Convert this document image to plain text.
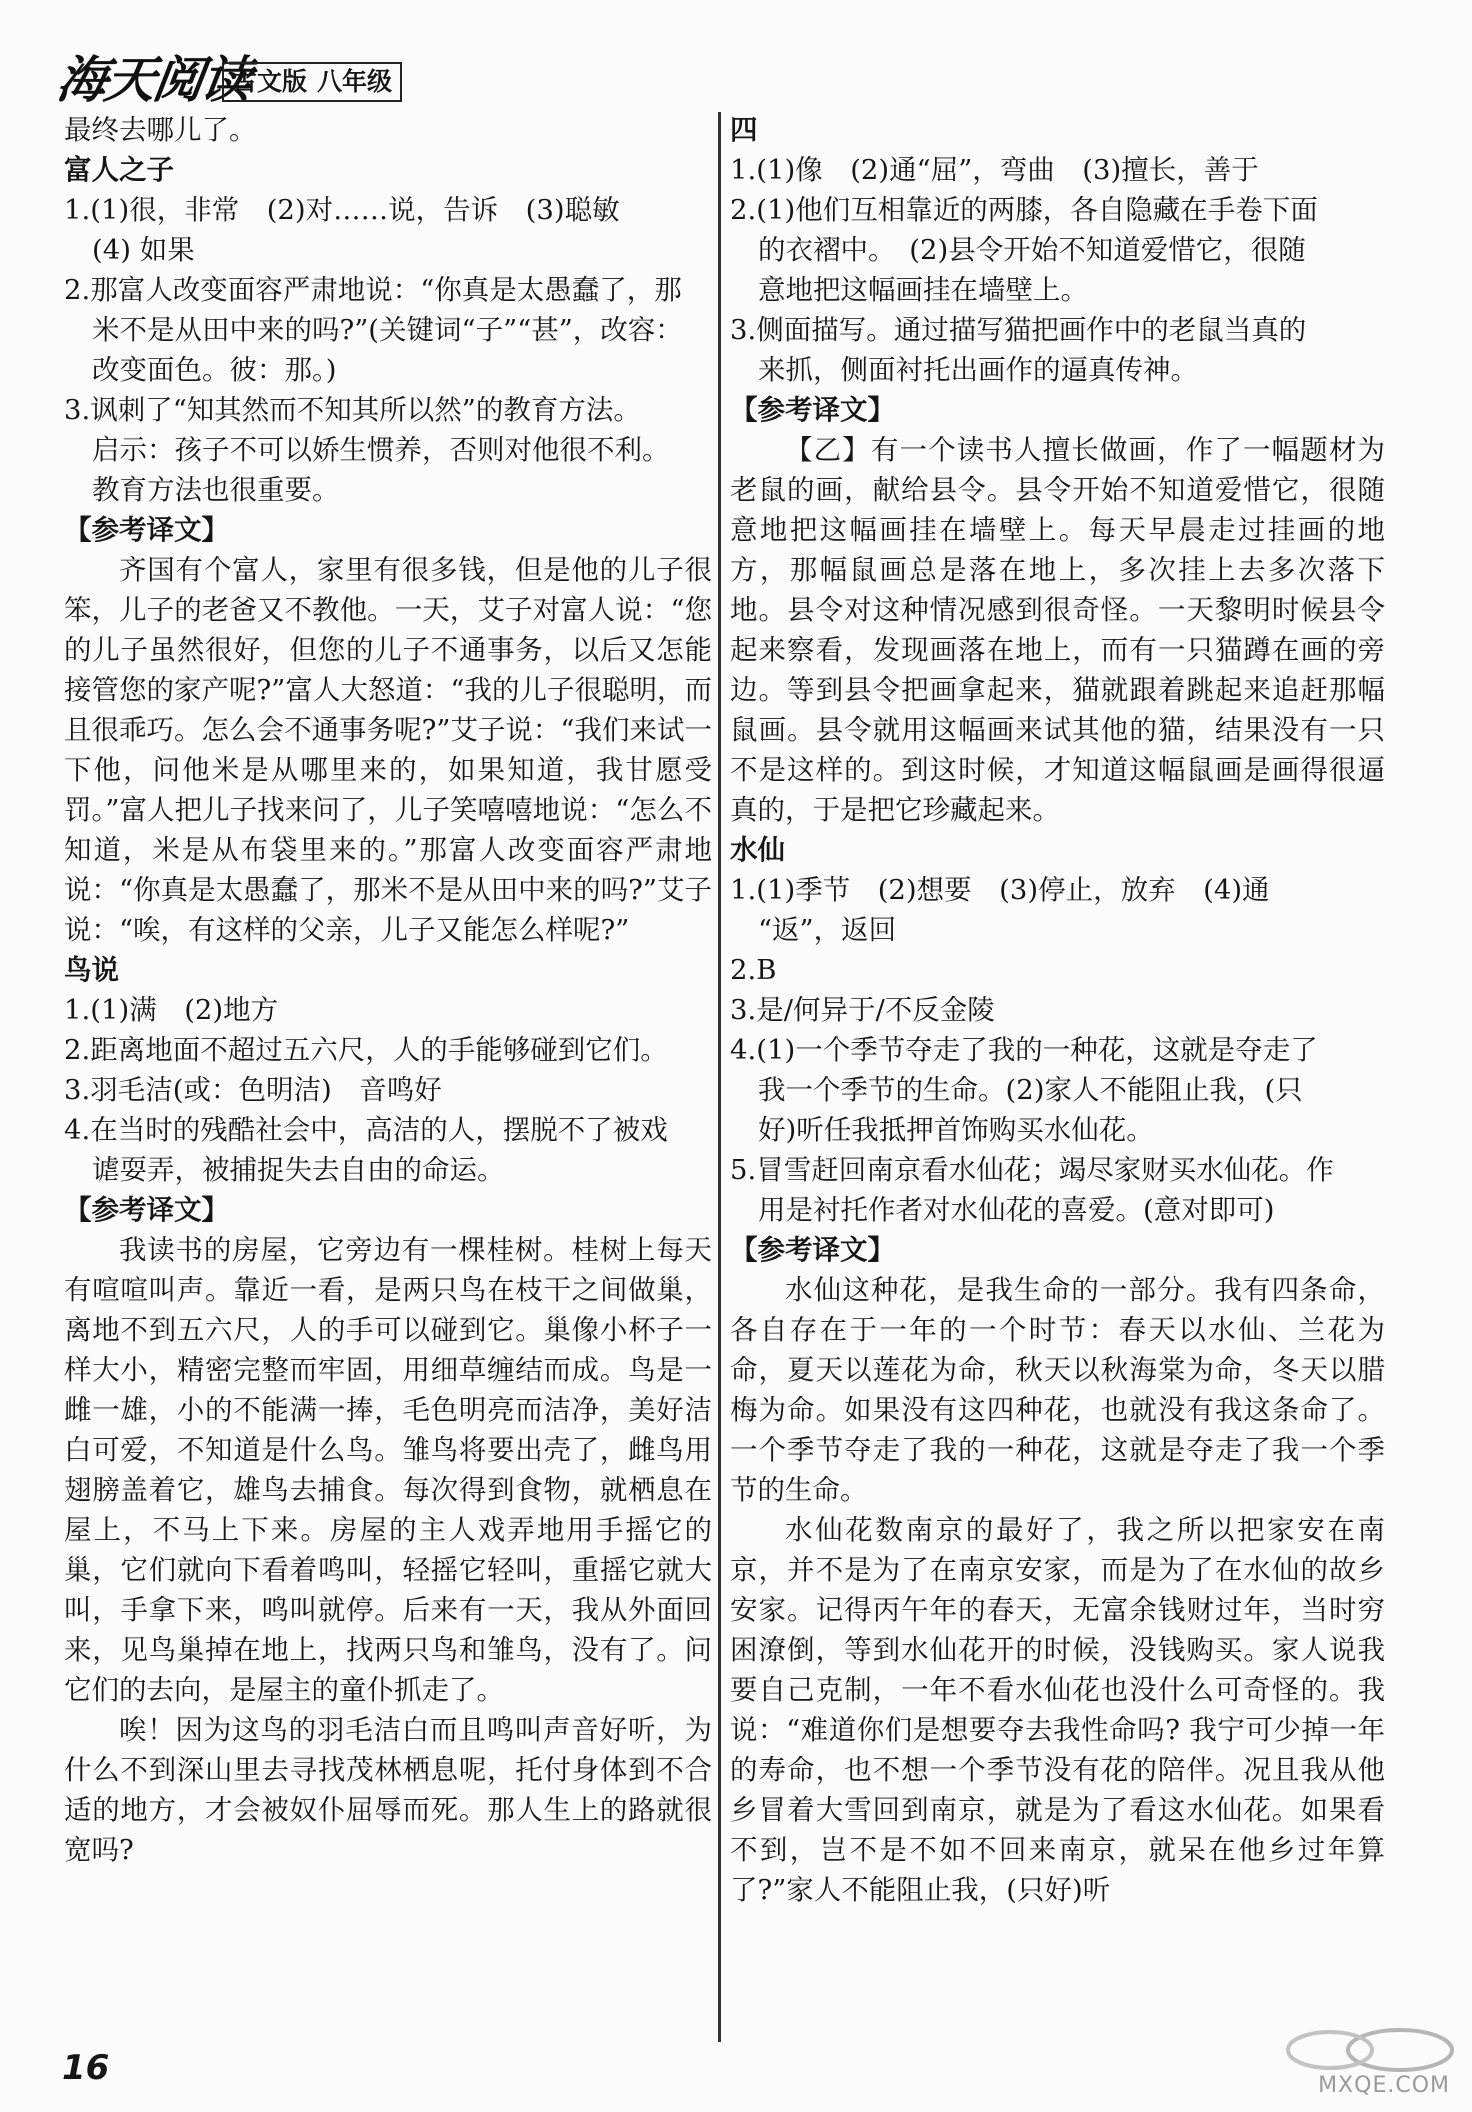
海天阅读
古文版 八年级

最终去哪儿了。

富人之子

1.(1)很，非常　(2)对……说，告诉　(3)聪敏

(4) 如果

2.那富人改变面容严肃地说：“你真是太愚蠢了，那

米不是从田中来的吗?”(关键词“子”“甚”，改容：

改变面色。彼：那。)

3.讽刺了“知其然而不知其所以然”的教育方法。

启示：孩子不可以娇生惯养，否则对他很不利。

教育方法也很重要。

【参考译文】

齐国有个富人，家里有很多钱，但是他的儿子很笨，儿子的老爸又不教他。一天，艾子对富人说：“您的儿子虽然很好，但您的儿子不通事务，以后又怎能接管您的家产呢?”富人大怒道：“我的儿子很聪明，而且很乖巧。怎么会不通事务呢?”艾子说：“我们来试一下他，问他米是从哪里来的，如果知道，我甘愿受罚。”富人把儿子找来问了，儿子笑嘻嘻地说：“怎么不知道，米是从布袋里来的。”那富人改变面容严肃地说：“你真是太愚蠢了，那米不是从田中来的吗?”艾子说：“唉，有这样的父亲，儿子又能怎么样呢?”

鸟说

1.(1)满　(2)地方

2.距离地面不超过五六尺，人的手能够碰到它们。

3.羽毛洁(或：色明洁)　音鸣好

4.在当时的残酷社会中，高洁的人，摆脱不了被戏

谑耍弄，被捕捉失去自由的命运。

【参考译文】

我读书的房屋，它旁边有一棵桂树。桂树上每天有喧喧叫声。靠近一看，是两只鸟在枝干之间做巢，离地不到五六尺，人的手可以碰到它。巢像小杯子一样大小，精密完整而牢固，用细草缠结而成。鸟是一雌一雄，小的不能满一捧，毛色明亮而洁净，美好洁白可爱，不知道是什么鸟。雏鸟将要出壳了，雌鸟用翅膀盖着它，雄鸟去捕食。每次得到食物，就栖息在屋上，不马上下来。房屋的主人戏弄地用手摇它的巢，它们就向下看着鸣叫，轻摇它轻叫，重摇它就大叫，手拿下来，鸣叫就停。后来有一天，我从外面回来，见鸟巢掉在地上，找两只鸟和雏鸟，没有了。问它们的去向，是屋主的童仆抓走了。

唉！因为这鸟的羽毛洁白而且鸣叫声音好听，为什么不到深山里去寻找茂林栖息呢，托付身体到不合适的地方，才会被奴仆屈辱而死。那人生上的路就很宽吗?

四

1.(1)像　(2)通“屈”，弯曲　(3)擅长，善于

2.(1)他们互相靠近的两膝，各自隐藏在手卷下面

的衣褶中。　(2)县令开始不知道爱惜它，很随

意地把这幅画挂在墙壁上。

3.侧面描写。通过描写猫把画作中的老鼠当真的

来抓，侧面衬托出画作的逼真传神。

【参考译文】

【乙】有一个读书人擅长做画，作了一幅题材为老鼠的画，献给县令。县令开始不知道爱惜它，很随意地把这幅画挂在墙壁上。每天早晨走过挂画的地方，那幅鼠画总是落在地上，多次挂上去多次落下地。县令对这种情况感到很奇怪。一天黎明时候县令起来察看，发现画落在地上，而有一只猫蹲在画的旁边。等到县令把画拿起来，猫就跟着跳起来追赶那幅鼠画。县令就用这幅画来试其他的猫，结果没有一只不是这样的。到这时候，才知道这幅鼠画是画得很逼真的，于是把它珍藏起来。

水仙

1.(1)季节　(2)想要　(3)停止，放弃　(4)通

“返”，返回

2.B

3.是/何异于/不反金陵

4.(1)一个季节夺走了我的一种花，这就是夺走了

我一个季节的生命。(2)家人不能阻止我，(只

好)听任我抵押首饰购买水仙花。

5.冒雪赶回南京看水仙花；竭尽家财买水仙花。作

用是衬托作者对水仙花的喜爱。(意对即可)

【参考译文】

水仙这种花，是我生命的一部分。我有四条命，各自存在于一年的一个时节：春天以水仙、兰花为命，夏天以莲花为命，秋天以秋海棠为命，冬天以腊梅为命。如果没有这四种花，也就没有我这条命了。一个季节夺走了我的一种花，这就是夺走了我一个季节的生命。

水仙花数南京的最好了，我之所以把家安在南京，并不是为了在南京安家，而是为了在水仙的故乡安家。记得丙午年的春天，无富余钱财过年，当时穷困潦倒，等到水仙花开的时候，没钱购买。家人说我要自己克制，一年不看水仙花也没什么可奇怪的。我说：“难道你们是想要夺去我性命吗? 我宁可少掉一年的寿命，也不想一个季节没有花的陪伴。况且我从他乡冒着大雪回到南京，就是为了看这水仙花。如果看不到，岂不是不如不回来南京，就呆在他乡过年算了?”家人不能阻止我，(只好)听

16	MXQE.COM
